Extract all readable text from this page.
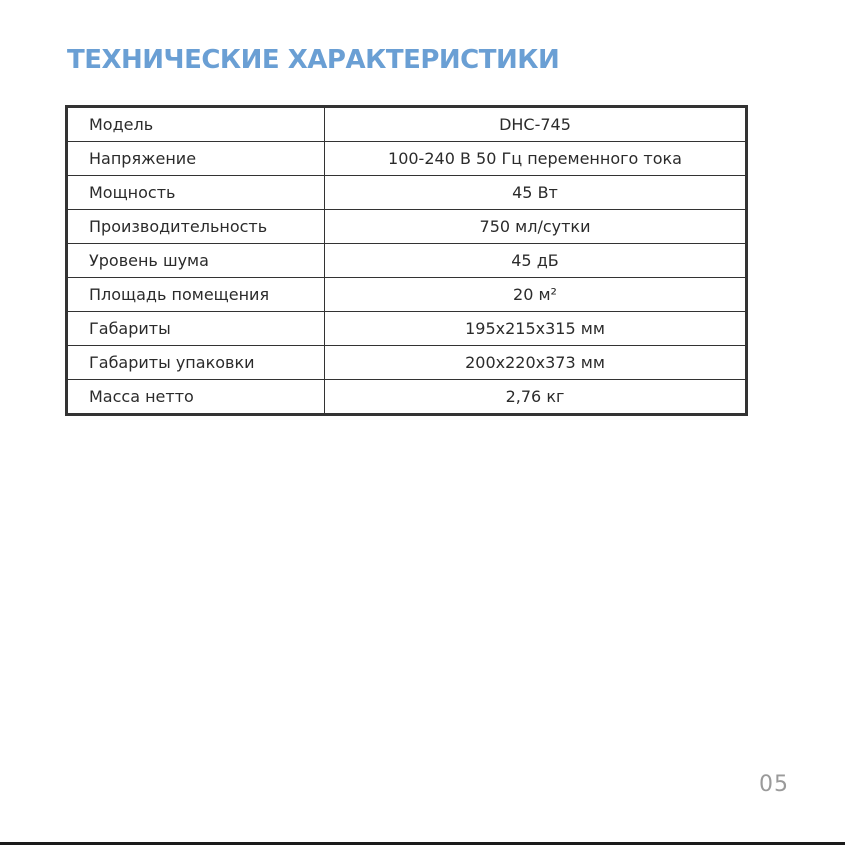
ТЕХНИЧЕСКИЕ ХАРАКТЕРИСТИКИ
Модель	DHC-745
Напряжение	100-240 В 50 Гц переменного тока
Мощность	45 Вт
Производительность	750 мл/сутки
Уровень шума	45 дБ
Площадь помещения	20 м²
Габариты	195х215х315 мм
Габариты упаковки	200х220х373 мм
Масса нетто	2,76 кг
05
